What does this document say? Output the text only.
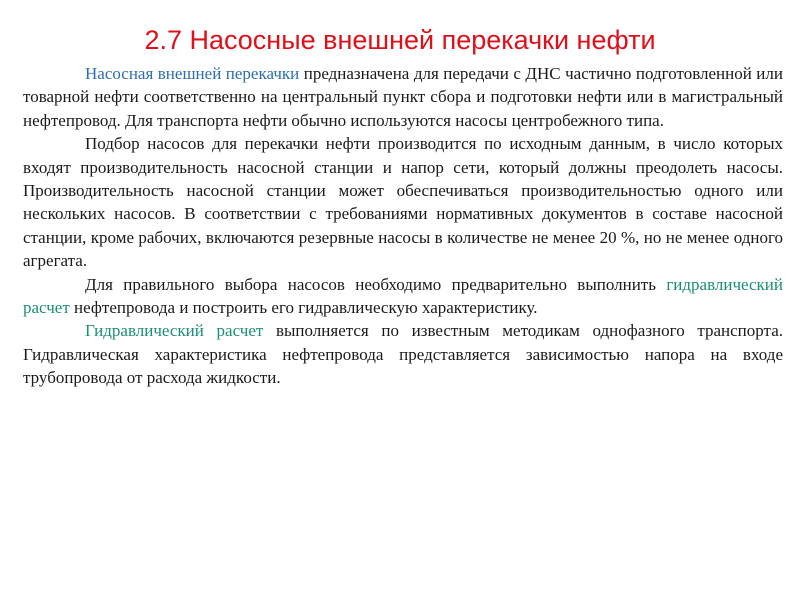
2.7 Насосные внешней перекачки нефти

Насосная внешней перекачки предназначена для передачи с ДНС частично подготовленной или товарной нефти соответственно на центральный пункт сбора и подготовки нефти или в магистральный нефтепровод. Для транспорта нефти обычно используются насосы центробежного типа.

Подбор насосов для перекачки нефти производится по исходным данным, в число которых входят производительность насосной станции и напор сети, который должны преодолеть насосы. Производительность насосной станции может обеспечиваться производительностью одного или нескольких насосов. В соответствии с требованиями нормативных документов в составе насосной станции, кроме рабочих, включаются резервные насосы в количестве не менее 20 %, но не менее одного агрегата.

Для правильного выбора насосов необходимо предварительно выполнить гидравлический расчет нефтепровода и построить его гидравлическую характеристику.

Гидравлический расчет выполняется по известным методикам однофазного транспорта. Гидравлическая характеристика нефтепровода представляется зависимостью напора на входе трубопровода от расхода жидкости.
